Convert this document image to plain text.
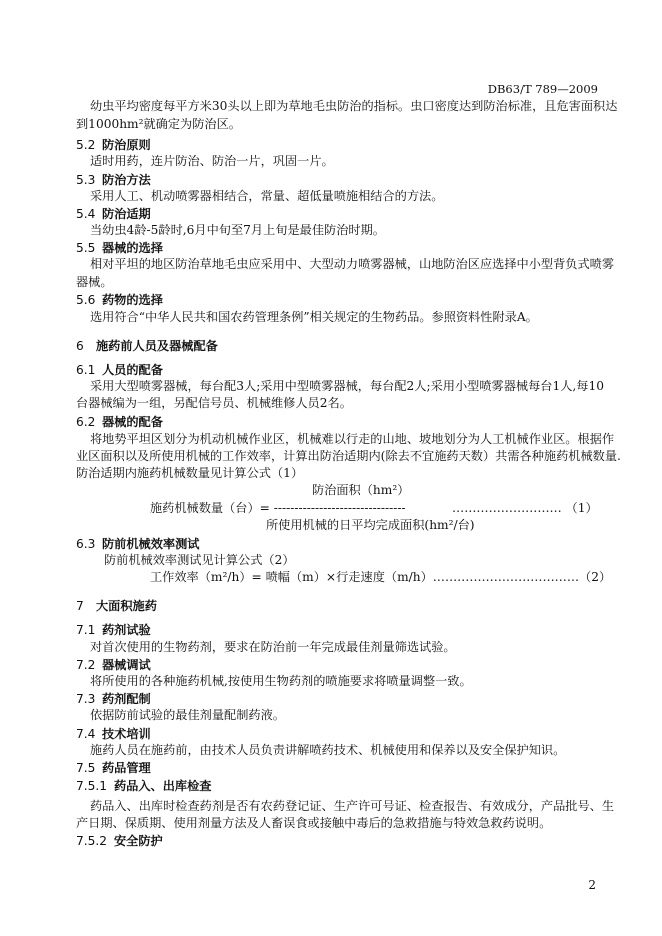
DB63/T 789—2009
幼虫平均密度每平方米30头以上即为草地毛虫防治的指标。虫口密度达到防治标准，且危害面积达
到1000hm²就确定为防治区。
5.2 防治原则
适时用药，连片防治、防治一片，巩固一片。
5.3 防治方法
采用人工、机动喷雾器相结合，常量、超低量喷施相结合的方法。
5.4 防治适期
当幼虫4龄-5龄时,6月中旬至7月上旬是最佳防治时期。
5.5 器械的选择
相对平坦的地区防治草地毛虫应采用中、大型动力喷雾器械，山地防治区应选择中小型背负式喷雾
器械。
5.6 药物的选择
选用符合“中华人民共和国农药管理条例”相关规定的生物药品。参照资料性附录A。
6 施药前人员及器械配备
6.1 人员的配备
采用大型喷雾器械，每台配3人;采用中型喷雾器械，每台配2人;采用小型喷雾器械每台1人,每10
台器械编为一组，另配信号员、机械维修人员2名。
6.2 器械的配备
将地势平坦区划分为机动机械作业区，机械难以行走的山地、坡地划分为人工机械作业区。根据作
业区面积以及所使用机械的工作效率，计算出防治适期内(除去不宜施药天数）共需各种施药机械数量.
防治适期内施药机械数量见计算公式（1）
防治面积（hm²）
施药机械数量（台）= --------------------------------	……………………… （1）
所使用机械的日平均完成面积(hm²/台)
6.3 防前机械效率测试
防前机械效率测试见计算公式（2）
工作效率（m²/h）= 喷幅（m）×行走速度（m/h）………………………………（2）
7 大面积施药
7.1 药剂试验
对首次使用的生物药剂，要求在防治前一年完成最佳剂量筛选试验。
7.2 器械调试
将所使用的各种施药机械,按使用生物药剂的喷施要求将喷量调整一致。
7.3 药剂配制
依据防前试验的最佳剂量配制药液。
7.4 技术培训
施药人员在施药前，由技术人员负责讲解喷药技术、机械使用和保养以及安全保护知识。
7.5 药品管理
7.5.1 药品入、出库检查
药品入、出库时检查药剂是否有农药登记证、生产许可号证、检查报告、有效成分，产品批号、生
产日期、保质期、使用剂量方法及人畜误食或接触中毒后的急救措施与特效急救药说明。
7.5.2 安全防护
2
